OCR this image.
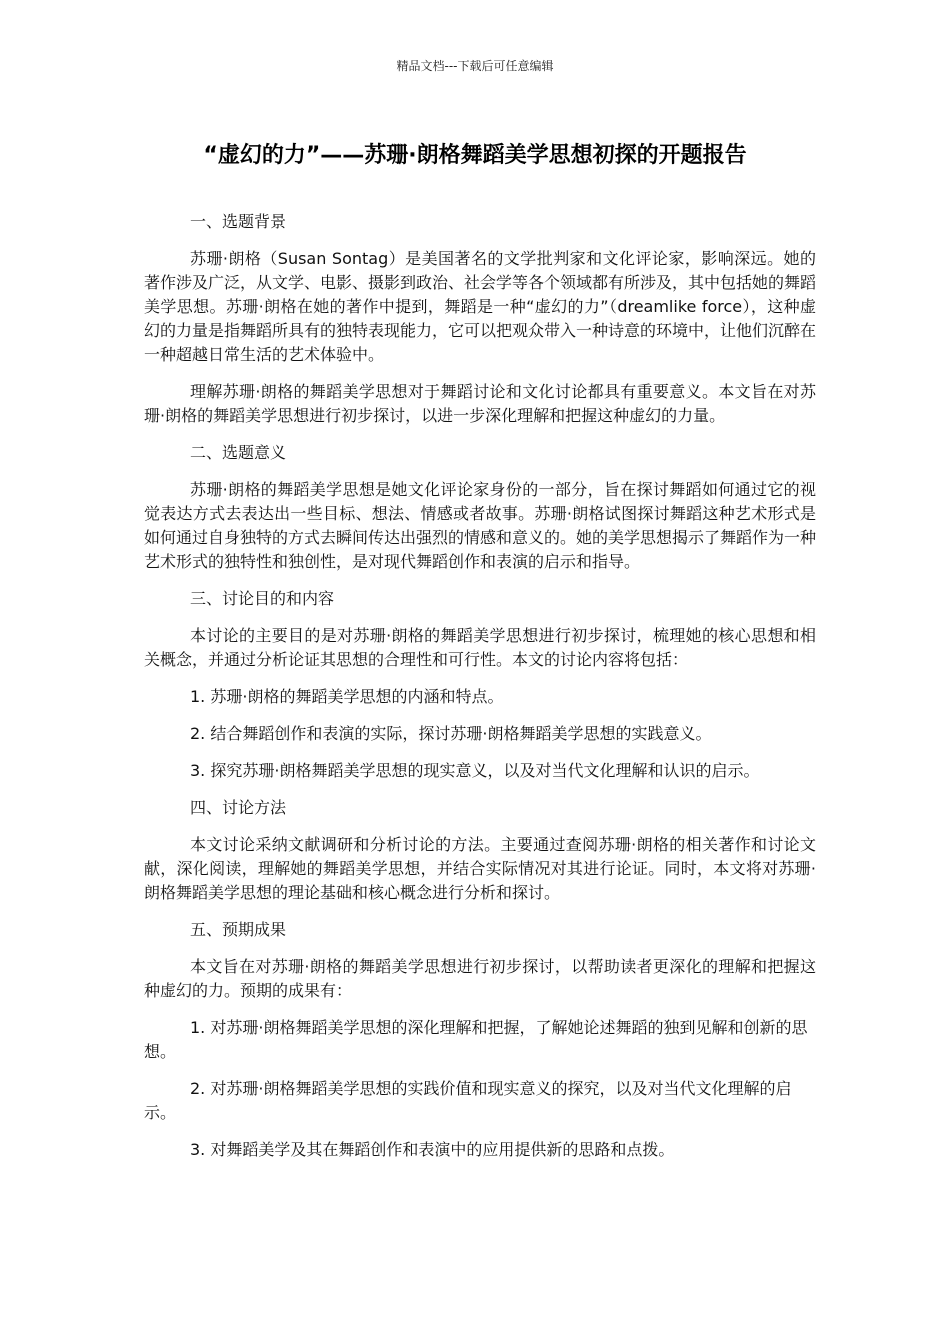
精品文档---下载后可任意编辑
“虚幻的力”——苏珊·朗格舞蹈美学思想初探的开题报告
一、选题背景

苏珊·朗格（Susan Sontag）是美国著名的文学批判家和文化评论家，影响深远。她的著作涉及广泛，从文学、电影、摄影到政治、社会学等各个领域都有所涉及，其中包括她的舞蹈美学思想。苏珊·朗格在她的著作中提到，舞蹈是一种“虚幻的力”（dreamlike force），这种虚幻的力量是指舞蹈所具有的独特表现能力，它可以把观众带入一种诗意的环境中，让他们沉醉在一种超越日常生活的艺术体验中。

理解苏珊·朗格的舞蹈美学思想对于舞蹈讨论和文化讨论都具有重要意义。本文旨在对苏珊·朗格的舞蹈美学思想进行初步探讨，以进一步深化理解和把握这种虚幻的力量。

二、选题意义

苏珊·朗格的舞蹈美学思想是她文化评论家身份的一部分，旨在探讨舞蹈如何通过它的视觉表达方式去表达出一些目标、想法、情感或者故事。苏珊·朗格试图探讨舞蹈这种艺术形式是如何通过自身独特的方式去瞬间传达出强烈的情感和意义的。她的美学思想揭示了舞蹈作为一种艺术形式的独特性和独创性，是对现代舞蹈创作和表演的启示和指导。

三、讨论目的和内容

本讨论的主要目的是对苏珊·朗格的舞蹈美学思想进行初步探讨，梳理她的核心思想和相关概念，并通过分析论证其思想的合理性和可行性。本文的讨论内容将包括：

1. 苏珊·朗格的舞蹈美学思想的内涵和特点。

2. 结合舞蹈创作和表演的实际，探讨苏珊·朗格舞蹈美学思想的实践意义。

3. 探究苏珊·朗格舞蹈美学思想的现实意义，以及对当代文化理解和认识的启示。

四、讨论方法

本文讨论采纳文献调研和分析讨论的方法。主要通过查阅苏珊·朗格的相关著作和讨论文献，深化阅读，理解她的舞蹈美学思想，并结合实际情况对其进行论证。同时，本文将对苏珊·朗格舞蹈美学思想的理论基础和核心概念进行分析和探讨。

五、预期成果

本文旨在对苏珊·朗格的舞蹈美学思想进行初步探讨，以帮助读者更深化的理解和把握这种虚幻的力。预期的成果有：

1. 对苏珊·朗格舞蹈美学思想的深化理解和把握，了解她论述舞蹈的独到见解和创新的思想。

2. 对苏珊·朗格舞蹈美学思想的实践价值和现实意义的探究，以及对当代文化理解的启示。

3. 对舞蹈美学及其在舞蹈创作和表演中的应用提供新的思路和点拨。
